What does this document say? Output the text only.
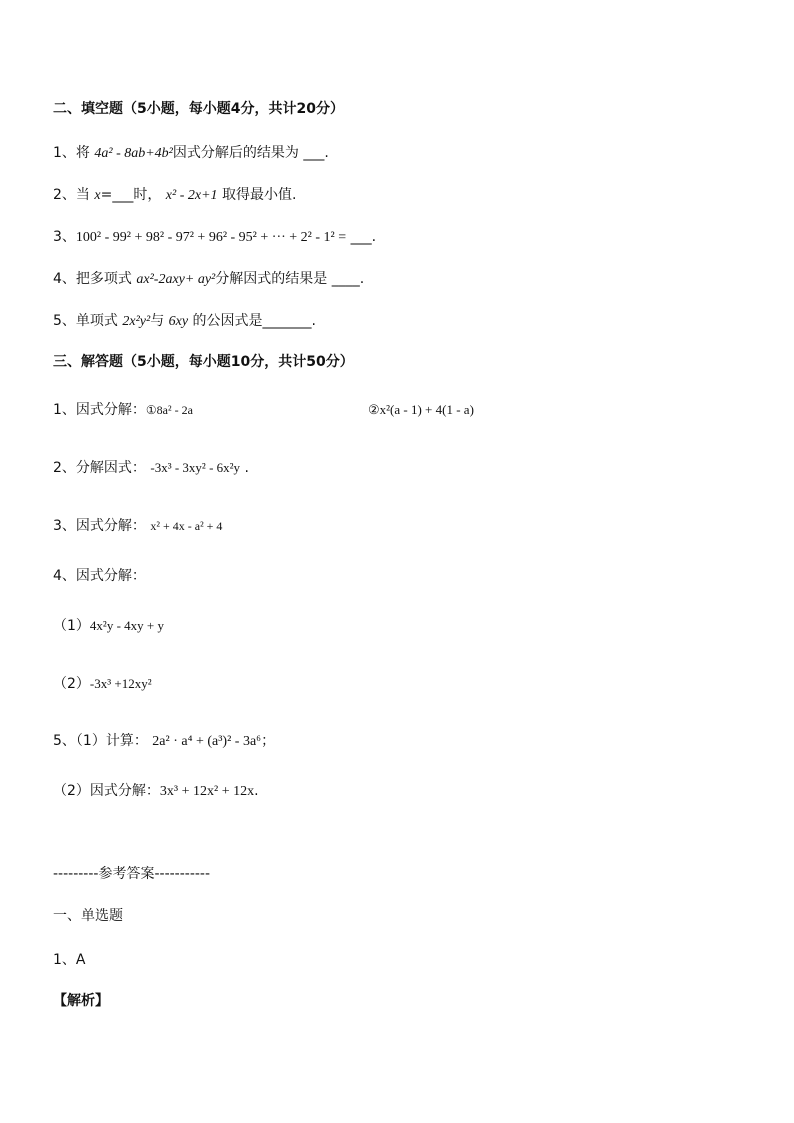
二、填空题（5小题，每小题4分，共计20分）
1、将 4a² - 8ab+4b²因式分解后的结果为 ___.
2、当 x=___时， x² - 2x+1 取得最小值.
3、100² - 99² + 98² - 97² + 96² - 95² + ··· + 2² - 1² = ___.
4、把多项式 ax²-2axy+ ay²分解因式的结果是 ____.
5、单项式 2x²y²与 6xy 的公因式是_______.
三、解答题（5小题，每小题10分，共计50分）
1、因式分解：①8a² - 2a	②x²(a - 1) + 4(1 - a)
2、分解因式： -3x³ - 3xy² - 6x²y .
3、因式分解： x² + 4x - a² + 4
4、因式分解：
（1）4x²y - 4xy + y
（2）-3x³ +12xy²
5、（1）计算： 2a² · a⁴ + (a³)² - 3a⁶；
（2）因式分解：3x³ + 12x² + 12x.
---------参考答案-----------
一、单选题
1、A
【解析】
